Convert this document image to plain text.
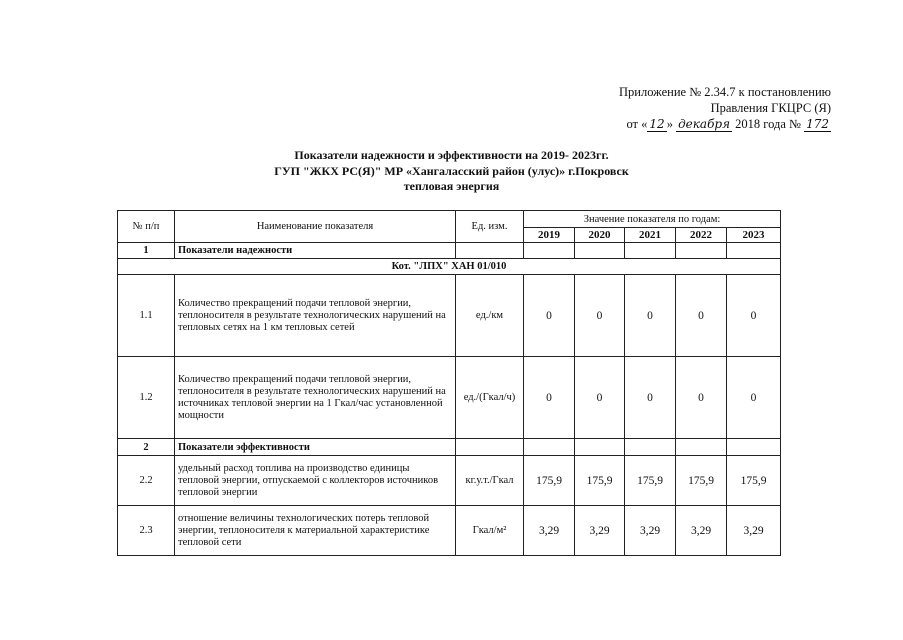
Приложение № 2.34.7 к постановлению
Правления ГКЦРС (Я)
от « 12 » декабря 2018 года № 172
Показатели надежности и эффективности на 2019- 2023гг.
ГУП "ЖКХ РС(Я)" МР «Хангаласский район (улус)» г.Покровск
тепловая энергия
№ п/п	Наименование показателя	Ед. изм.	Значение показателя по годам:				
			2019	2020	2021	2022	2023
1	Показатели надежности						
Кот. "ЛПХ" ХАН 01/010							
1.1	Количество прекращений подачи тепловой энергии, теплоносителя в результате технологических нарушений на тепловых сетях на 1 км тепловых сетей	ед./км	0	0	0	0	0
1.2	Количество прекращений подачи тепловой энергии, теплоносителя в результате технологических нарушений на источниках тепловой энергии на 1 Гкал/час установленной мощности	ед./(Гкал/ч)	0	0	0	0	0
2	Показатели эффективности						
2.2	удельный расход топлива на производство единицы тепловой энергии, отпускаемой с коллекторов источников тепловой энергии	кг.у.т./Гкал	175,9	175,9	175,9	175,9	175,9
2.3	отношение величины технологических потерь тепловой энергии, теплоносителя к материальной характеристике тепловой сети	Гкал/м²	3,29	3,29	3,29	3,29	3,29
